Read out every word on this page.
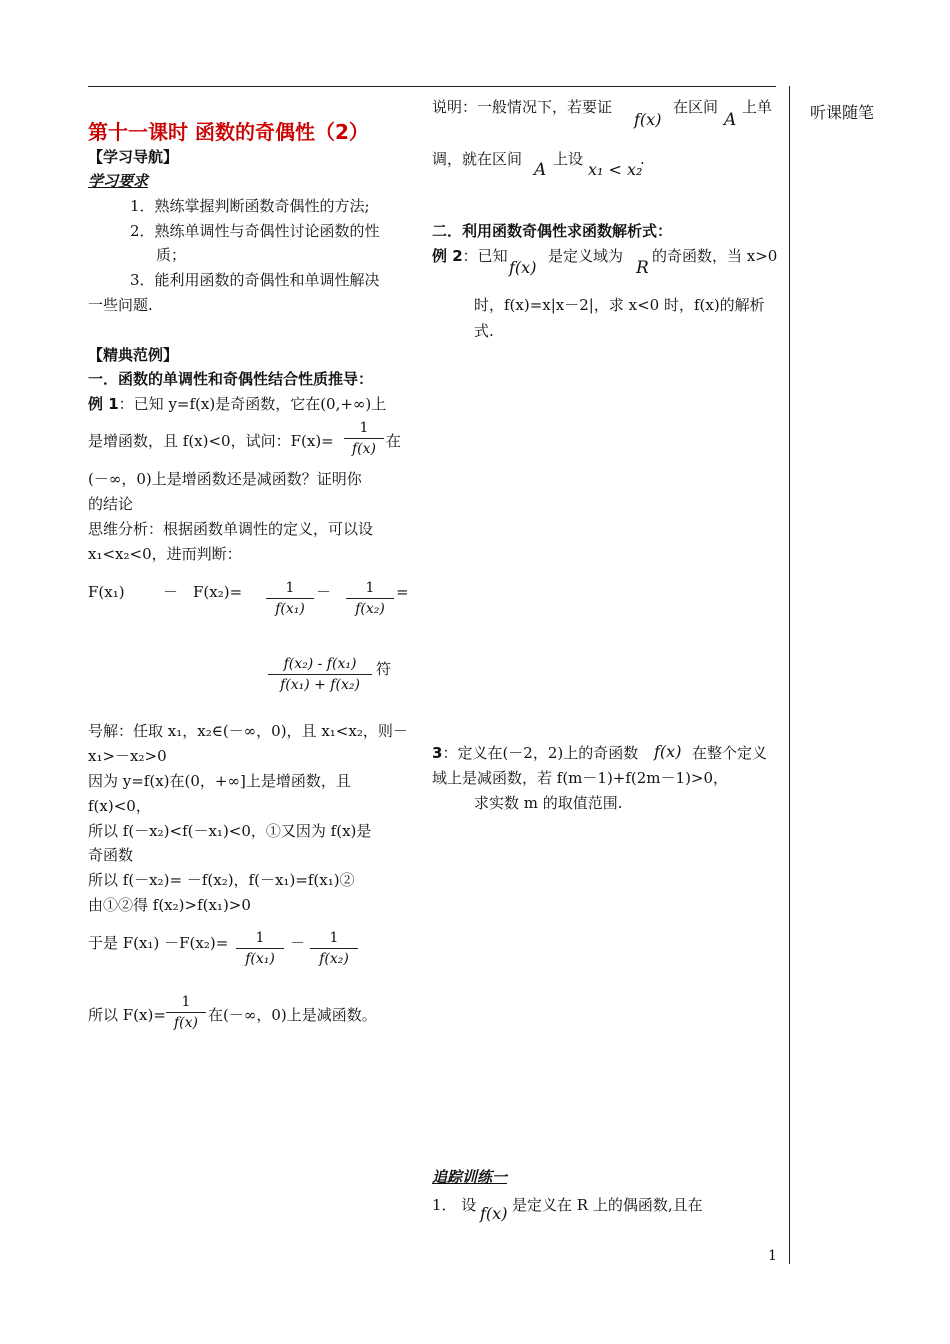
听课随笔
1
第十一课时 函数的奇偶性（2）
【学习导航】
学习要求
1．熟练掌握判断函数奇偶性的方法;
2．熟练单调性与奇偶性讨论函数的性
质；
3．能利用函数的奇偶性和单调性解决
一些问题.
【精典范例】
一．函数的单调性和奇偶性结合性质推导：
例 1：已知 y=f(x)是奇函数，它在(0,+∞)上
是增函数，且 f(x)<0，试问：F(x)=
1
f(x) 在
(－∞，0)上是增函数还是减函数？证明你
的结论
思维分析：根据函数单调性的定义，可以设
x₁<x₂<0，进而判断：
F(x₁)	－ F(x₂)=	1
f(x₁)
－	1
f(x₂)
=
f(x₂) - f(x₁)
f(x₁) + f(x₂)
符
号解：任取 x₁，x₂∈(－∞，0)，且 x₁<x₂，则－
x₁>－x₂>0
因为 y=f(x)在(0，+∞]上是增函数，且
f(x)<0，
所以 f(－x₂)<f(－x₁)<0，①又因为 f(x)是
奇函数
所以 f(－x₂)= －f(x₂)，f(－x₁)=f(x₁)②
由①②得 f(x₂)>f(x₁)>0
于是 F(x₁) －F(x₂)=	1
f(x₁)
－	1
f(x₂)
所以 F(x)=
1
f(x) 在(－∞，0)上是减函数。
说明：一般情况下，若要证
f(x)
在区间
A
上单
调，就在区间
A
上设
x₁ < x₂
.
二．利用函数奇偶性求函数解析式：
例 2：已知
f(x)
是定义域为
R
的奇函数，当 x>0
时，f(x)=x|x－2|，求 x<0 时，f(x)的解析
式.
3：定义在(－2，2)上的奇函数 f(x) 在整个定义
域上是减函数，若 f(m－1)+f(2m－1)>0，
求实数 m 的取值范围.
追踪训练一
1． 设 f(x) 是定义在 R 上的偶函数,且在
